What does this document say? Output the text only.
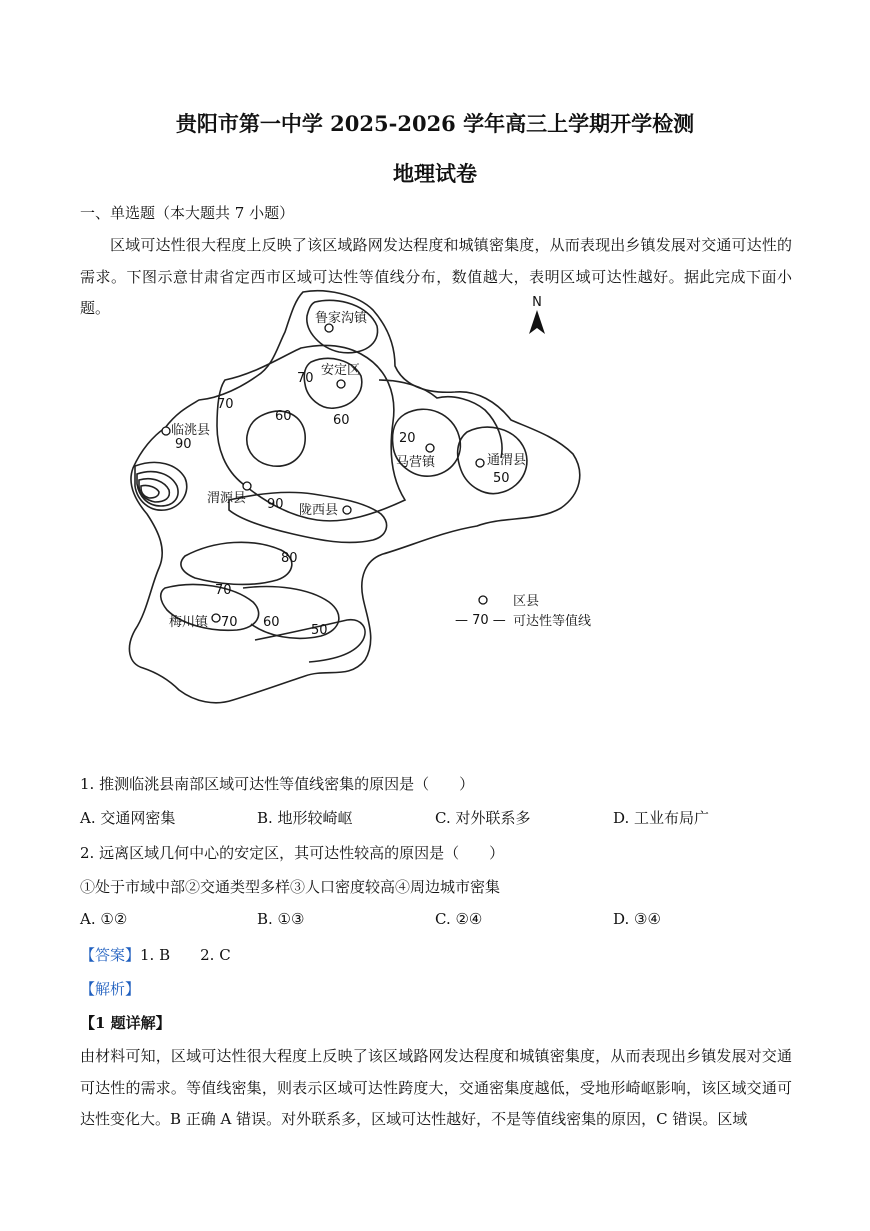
贵阳市第一中学 2025-2026 学年高三上学期开学检测
地理试卷
一、单选题（本大题共 7 小题）
区域可达性很大程度上反映了该区域路网发达程度和城镇密集度，从而表现出乡镇发展对交通可达性的需求。下图示意甘肃省定西市区域可达性等值线分布，数值越大，表明区域可达性越好。据此完成下面小题。	N
鲁家沟镇
安定区
临洮县
马营镇	通渭县
渭源县
陇西县
梅川镇
70
60
70
60
90	20
50
90
80
70
70 60
50
区县
— 70 — 可达性等值线
1. 推测临洮县南部区域可达性等值线密集的原因是（　　）
A. 交通网密集	B. 地形较崎岖	C. 对外联系多	D. 工业布局广
2. 远离区域几何中心的安定区，其可达性较高的原因是（　　）
①处于市域中部②交通类型多样③人口密度较高④周边城市密集
A. ①②	B. ①③	C. ②④	D. ③④
【答案】1. B　　2. C
【解析】
【1 题详解】
由材料可知，区域可达性很大程度上反映了该区域路网发达程度和城镇密集度，从而表现出乡镇发展对交通可达性的需求。等值线密集，则表示区域可达性跨度大，交通密集度越低，受地形崎岖影响，该区域交通可达性变化大。B 正确 A 错误。对外联系多，区域可达性越好，不是等值线密集的原因，C 错误。区域
